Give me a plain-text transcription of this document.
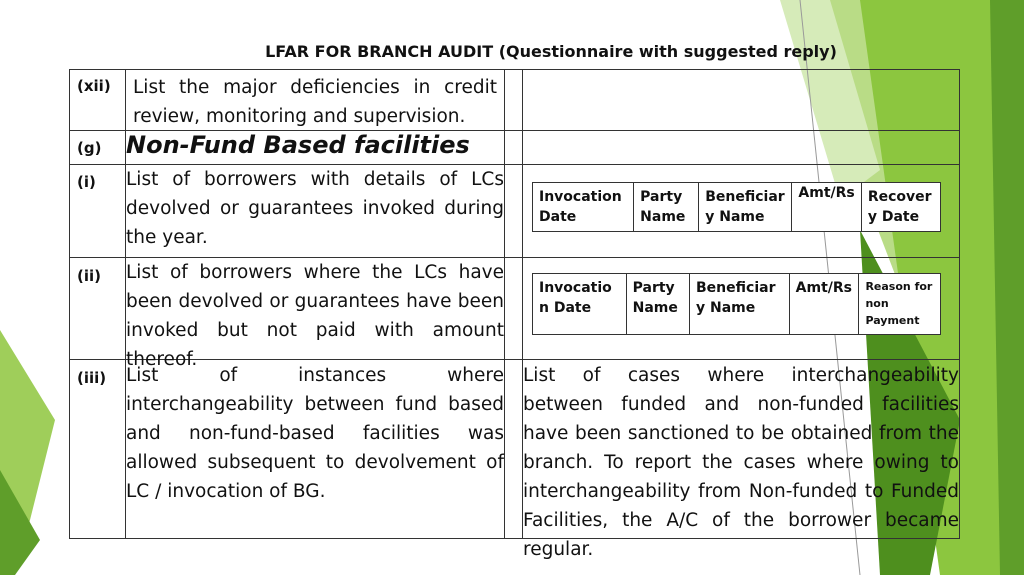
LFAR FOR BRANCH AUDIT (Questionnaire with suggested reply)
(xii) List the major deficiencies in credit review, monitoring and supervision.
(g) Non-Fund Based facilities
(i) List of borrowers with details of LCs devolved or guarantees invoked during the year.
Invocation Date	Party Name	Beneficiar y Name	Amt/Rs	Recover y Date
(ii) List of borrowers where the LCs have been devolved or guarantees have been invoked but not paid with amount thereof.
Invocatio n Date	Party Name	Beneficiar y Name	Amt/Rs	Reason for non Payment
(iii) List of instances where interchangeability between fund based and non-fund-based facilities was allowed subsequent to devolvement of LC / invocation of BG.
List of cases where interchangeability between funded and non-funded facilities have been sanctioned to be obtained from the branch. To report the cases where owing to interchangeability from Non-funded to Funded Facilities, the A/C of the borrower became regular.
